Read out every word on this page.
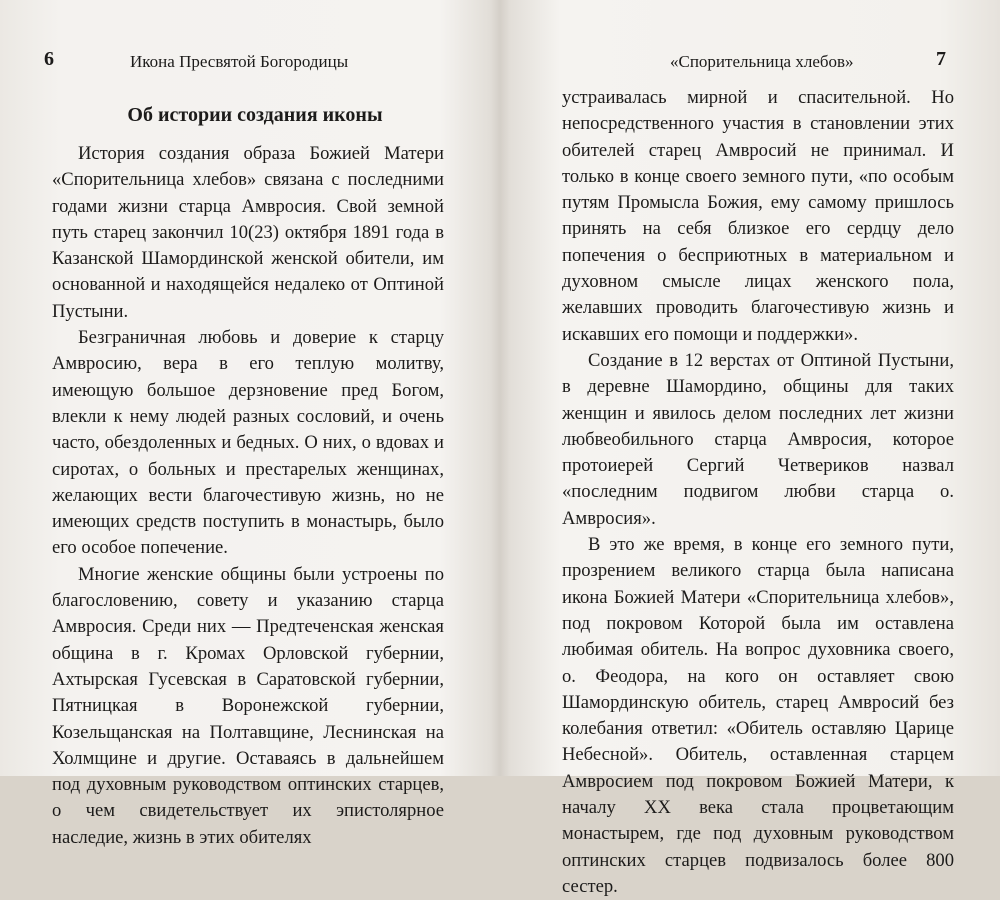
6	Икона Пресвятой Богородицы
Об истории создания иконы

История создания образа Божией Матери «Спорительница хлебов» связана с последними годами жизни старца Амвросия. Свой земной путь старец закончил 10(23) октября 1891 года в Казанской Шамординской женской обители, им основанной и находящейся недалеко от Оптиной Пустыни.

Безграничная любовь и доверие к старцу Амвросию, вера в его теплую молитву, имеющую большое дерзновение пред Богом, влекли к нему людей разных сословий, и очень часто, обездоленных и бедных. О них, о вдовах и сиротах, о больных и престарелых женщинах, желающих вести благочестивую жизнь, но не имеющих средств поступить в монастырь, было его особое попечение.

Многие женские общины были устроены по благословению, совету и указанию старца Амвросия. Среди них — Предтеченская женская община в г. Кромах Орловской губернии, Ахтырская Гусевская в Саратовской губернии, Пятницкая в Воронежской губернии, Козельщанская на Полтавщине, Леснинская на Холмщине и другие. Оставаясь в дальнейшем под духовным руководством оптинских старцев, о чем свидетельствует их эпистолярное наследие, жизнь в этих обителях

«Спорительница хлебов»	7

устраивалась мирной и спасительной. Но непосредственного участия в становлении этих обителей старец Амвросий не принимал. И только в конце своего земного пути, «по особым путям Промысла Божия, ему самому пришлось принять на себя близкое его сердцу дело попечения о бесприютных в материальном и духовном смысле лицах женского пола, желавших проводить благочестивую жизнь и искавших его помощи и поддержки».

Создание в 12 верстах от Оптиной Пустыни, в деревне Шамордино, общины для таких женщин и явилось делом последних лет жизни любвеобильного старца Амвросия, которое протоиерей Сергий Четвериков назвал «последним подвигом любви старца о. Амвросия».

В это же время, в конце его земного пути, прозрением великого старца была написана икона Божией Матери «Спорительница хлебов», под покровом Которой была им оставлена любимая обитель. На вопрос духовника своего, о. Феодора, на кого он оставляет свою Шамординскую обитель, старец Амвросий без колебания ответил: «Обитель оставляю Царице Небесной». Обитель, оставленная старцем Амвросием под покровом Божией Матери, к началу XX века стала процветающим монастырем, где под духовным руководством оптинских старцев подвизалось более 800 сестер.
